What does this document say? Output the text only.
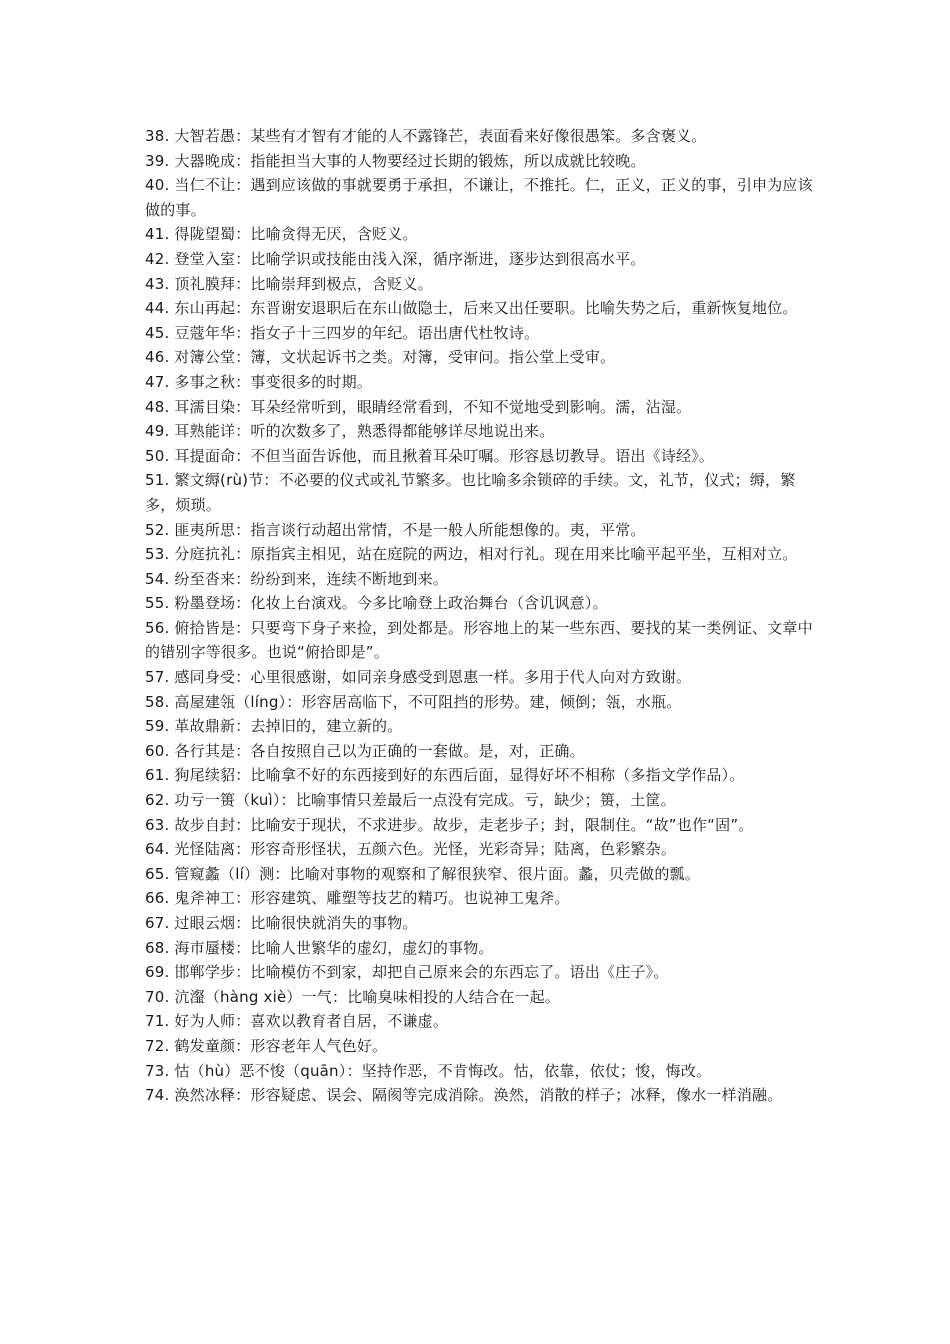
38. 大智若愚：某些有才智有才能的人不露锋芒，表面看来好像很愚笨。多含褒义。

39. 大器晚成：指能担当大事的人物要经过长期的锻炼，所以成就比较晚。

40. 当仁不让：遇到应该做的事就要勇于承担，不谦让，不推托。仁，正义，正义的事，引申为应该做的事。

41. 得陇望蜀：比喻贪得无厌，含贬义。

42. 登堂入室：比喻学识或技能由浅入深，循序渐进，逐步达到很高水平。

43. 顶礼膜拜：比喻崇拜到极点，含贬义。

44. 东山再起：东晋谢安退职后在东山做隐士，后来又出任要职。比喻失势之后，重新恢复地位。

45. 豆蔻年华：指女子十三四岁的年纪。语出唐代杜牧诗。

46. 对簿公堂：簿，文状起诉书之类。对簿，受审问。指公堂上受审。

47. 多事之秋：事变很多的时期。

48. 耳濡目染：耳朵经常听到，眼睛经常看到，不知不觉地受到影响。濡，沾湿。

49. 耳熟能详：听的次数多了，熟悉得都能够详尽地说出来。

50. 耳提面命：不但当面告诉他，而且揪着耳朵叮嘱。形容恳切教导。语出《诗经》。

51. 繁文缛(rù)节：不必要的仪式或礼节繁多。也比喻多余锁碎的手续。文，礼节，仪式；缛，繁多，烦琐。

52. 匪夷所思：指言谈行动超出常情，不是一般人所能想像的。夷，平常。

53. 分庭抗礼：原指宾主相见，站在庭院的两边，相对行礼。现在用来比喻平起平坐，互相对立。

54. 纷至沓来：纷纷到来，连续不断地到来。

55. 粉墨登场：化妆上台演戏。今多比喻登上政治舞台（含讥讽意）。

56. 俯拾皆是：只要弯下身子来捡，到处都是。形容地上的某一些东西、要找的某一类例证、文章中的错别字等很多。也说“俯拾即是”。

57. 感同身受：心里很感谢，如同亲身感受到恩惠一样。多用于代人向对方致谢。

58. 高屋建瓴（líng）：形容居高临下，不可阻挡的形势。建，倾倒；瓴，水瓶。

59. 革故鼎新：去掉旧的，建立新的。

60. 各行其是：各自按照自己以为正确的一套做。是，对，正确。

61. 狗尾续貂：比喻拿不好的东西接到好的东西后面，显得好坏不相称（多指文学作品）。

62. 功亏一篑（kuì）：比喻事情只差最后一点没有完成。亏，缺少；篑，土筐。

63. 故步自封：比喻安于现状，不求进步。故步，走老步子；封，限制住。“故”也作“固”。

64. 光怪陆离：形容奇形怪状，五颜六色。光怪，光彩奇异；陆离，色彩繁杂。

65. 管窥蠡（lí）测：比喻对事物的观察和了解很狭窄、很片面。蠡，贝壳做的瓢。

66. 鬼斧神工：形容建筑、雕塑等技艺的精巧。也说神工鬼斧。

67. 过眼云烟：比喻很快就消失的事物。

68. 海市蜃楼：比喻人世繁华的虚幻，虚幻的事物。

69. 邯郸学步：比喻模仿不到家，却把自己原来会的东西忘了。语出《庄子》。

70. 沆瀣（hàng xiè）一气：比喻臭味相投的人结合在一起。

71. 好为人师：喜欢以教育者自居，不谦虚。

72. 鹤发童颜：形容老年人气色好。

73. 怙（hù）恶不悛（quān）：坚持作恶，不肯悔改。怙，依靠，依仗；悛，悔改。

74. 涣然冰释：形容疑虑、误会、隔阂等完成消除。涣然，消散的样子；冰释，像水一样消融。
